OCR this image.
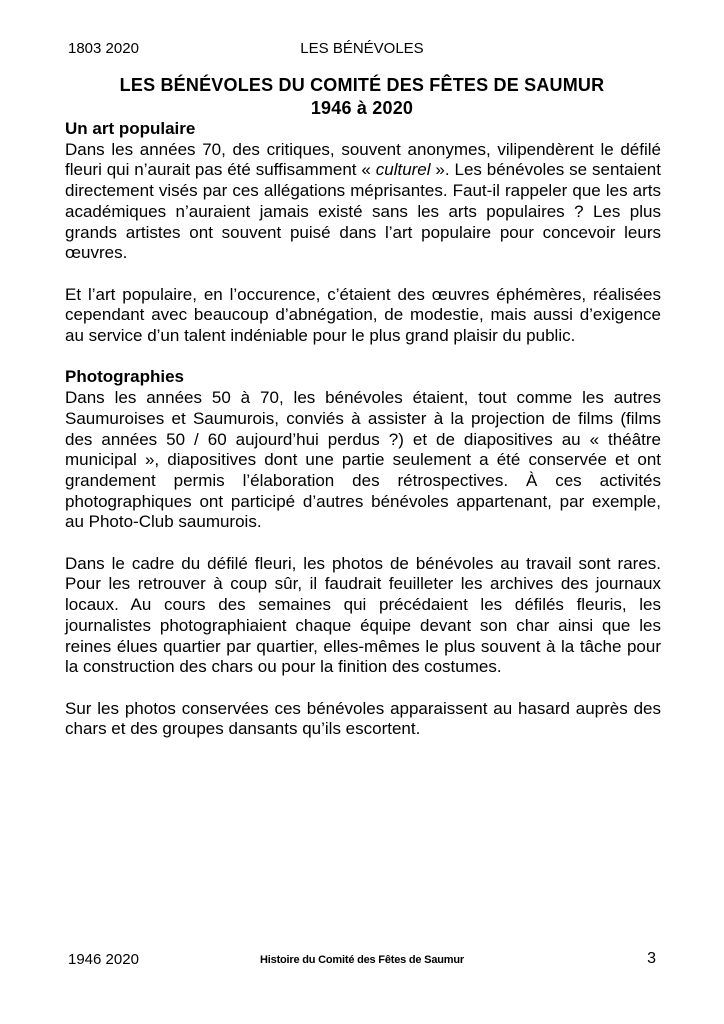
1803 2020	LES BÉNÉVOLES
LES BÉNÉVOLES DU COMITÉ DES FÊTES DE SAUMUR
1946 à 2020
Un art populaire

Dans les années 70, des critiques, souvent anonymes, vilipendèrent le défilé fleuri qui n’aurait pas été suffisamment « culturel ». Les bénévoles se sentaient directement visés par ces allégations méprisantes. Faut-il rappeler que les arts académiques n’auraient jamais existé sans les arts populaires ? Les plus grands artistes ont souvent puisé dans l’art populaire pour concevoir leurs œuvres.

Et l’art populaire, en l’occurence, c’étaient des œuvres éphémères, réalisées cependant avec beaucoup d’abnégation, de modestie, mais aussi d’exigence au service d’un talent indéniable pour le plus grand plaisir du public.

Photographies

Dans les années 50 à 70, les bénévoles étaient, tout comme les autres Saumuroises et Saumurois, conviés à assister à la projection de films (films des années 50 / 60 aujourd’hui perdus ?) et de diapositives au « théâtre municipal », diapositives dont une partie seulement a été conservée et ont grandement permis l’élaboration des rétrospectives. À ces activités photographiques ont participé d’autres bénévoles appartenant, par exemple, au Photo-Club saumurois.

Dans le cadre du défilé fleuri, les photos de bénévoles au travail sont rares. Pour les retrouver à coup sûr, il faudrait feuilleter les archives des journaux locaux. Au cours des semaines qui précédaient les défilés fleuris, les journalistes photographiaient chaque équipe devant son char ainsi que les reines élues quartier par quartier, elles-mêmes le plus souvent à la tâche pour la construction des chars ou pour la finition des costumes.

Sur les photos conservées ces bénévoles apparaissent au hasard auprès des chars et des groupes dansants qu’ils escortent.

1946 2020	Histoire du Comité des Fêtes de Saumur	3
